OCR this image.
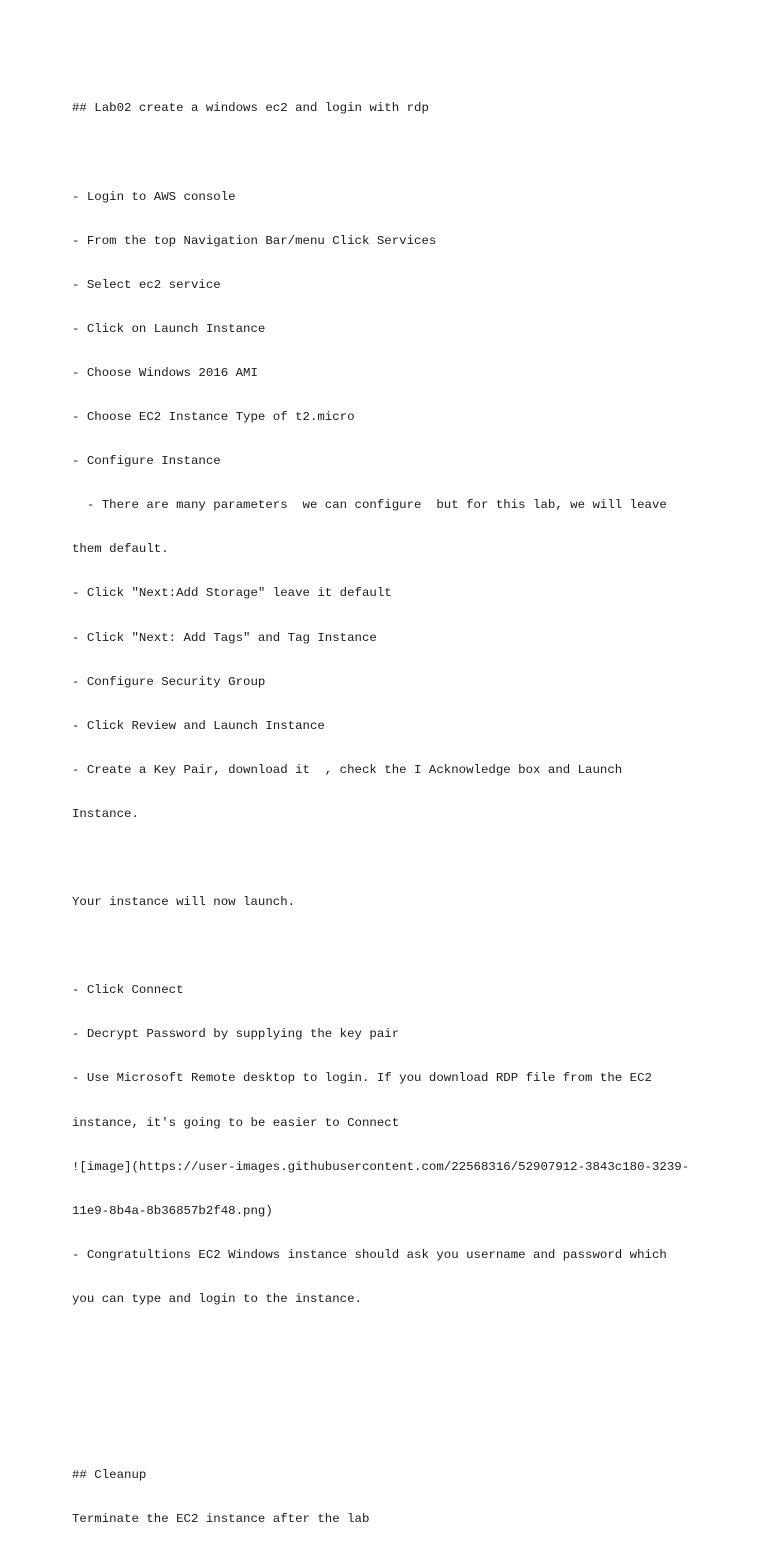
## Lab02 create a windows ec2 and login with rdp

- Login to AWS console

- From the top Navigation Bar/menu Click Services

- Select ec2 service

- Click on Launch Instance

- Choose Windows 2016 AMI

- Choose EC2 Instance Type of t2.micro

- Configure Instance

- There are many parameters  we can configure  but for this lab, we will leave

them default.

- Click "Next:Add Storage" leave it default

- Click "Next: Add Tags" and Tag Instance

- Configure Security Group

- Click Review and Launch Instance

- Create a Key Pair, download it  , check the I Acknowledge box and Launch

Instance.

Your instance will now launch.

- Click Connect

- Decrypt Password by supplying the key pair

- Use Microsoft Remote desktop to login. If you download RDP file from the EC2

instance, it's going to be easier to Connect

![image](https://user-images.githubusercontent.com/22568316/52907912-3843c180-3239-

11e9-8b4a-8b36857b2f48.png)

- Congratultions EC2 Windows instance should ask you username and password which

you can type and login to the instance.

## Cleanup

Terminate the EC2 instance after the lab
